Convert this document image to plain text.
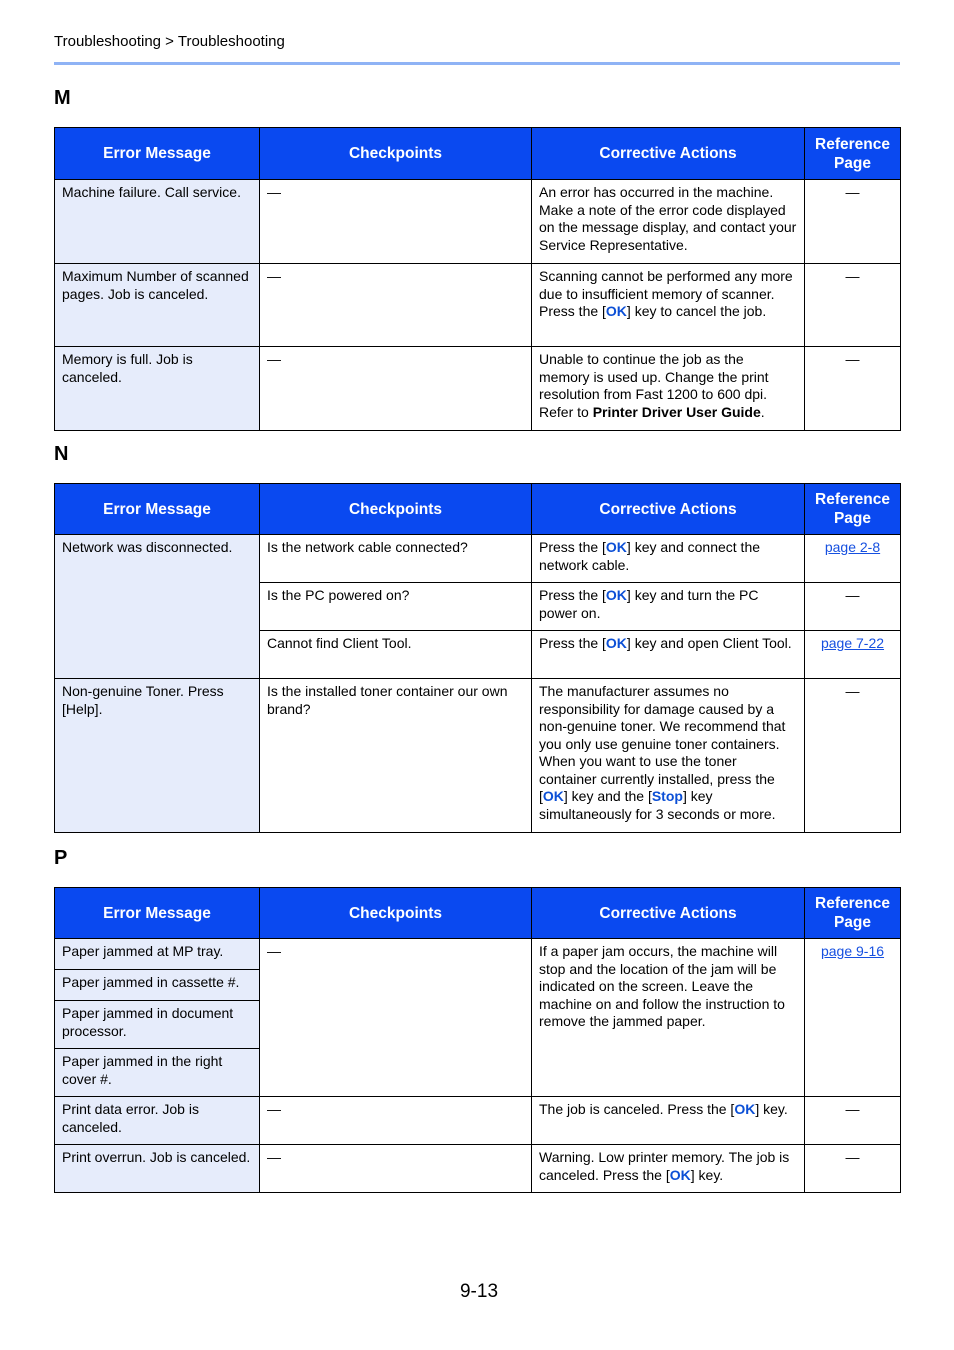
Troubleshooting > Troubleshooting
M
Error Message	Checkpoints	Corrective Actions	Reference Page
Machine failure. Call service.	—	An error has occurred in the machine. Make a note of the error code displayed on the message display, and contact your Service Representative.	—
Maximum Number of scanned pages. Job is canceled.	—	Scanning cannot be performed any more due to insufficient memory of scanner. Press the [OK] key to cancel the job.	—
Memory is full. Job is canceled.	—	Unable to continue the job as the memory is used up. Change the print resolution from Fast 1200 to 600 dpi. Refer to Printer Driver User Guide.	—
N
Error Message	Checkpoints	Corrective Actions	Reference Page
Network was disconnected.	Is the network cable connected?	Press the [OK] key and connect the network cable.	page 2-8
	Is the PC powered on?	Press the [OK] key and turn the PC power on.	—
	Cannot find Client Tool.	Press the [OK] key and open Client Tool.	page 7-22
Non-genuine Toner. Press [Help].	Is the installed toner container our own brand?	The manufacturer assumes no responsibility for damage caused by a non-genuine toner. We recommend that you only use genuine toner containers. When you want to use the toner container currently installed, press the [OK] key and the [Stop] key simultaneously for 3 seconds or more.	—
P
Error Message	Checkpoints	Corrective Actions	Reference Page
Paper jammed at MP tray.	—	If a paper jam occurs, the machine will stop and the location of the jam will be indicated on the screen. Leave the machine on and follow the instruction to remove the jammed paper.	page 9-16
Paper jammed in cassette #.			
Paper jammed in document processor.			
Paper jammed in the right cover #.			
Print data error. Job is canceled.	—	The job is canceled. Press the [OK] key.	—
Print overrun. Job is canceled.	—	Warning. Low printer memory. The job is canceled. Press the [OK] key.	—
9-13
